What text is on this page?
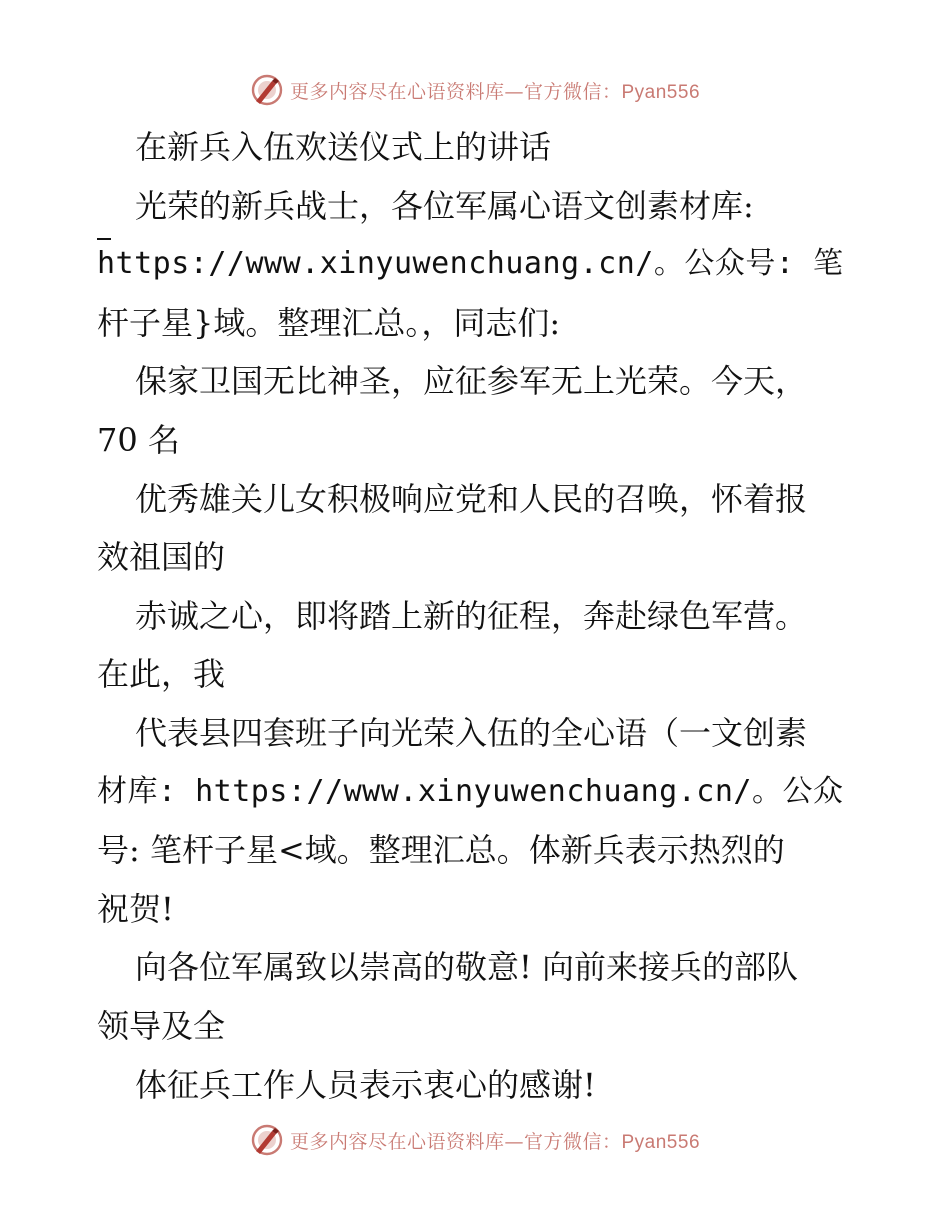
更多内容尽在心语资料库—官方微信：Pyan556
在新兵入伍欢送仪式上的讲话
光荣的新兵战士，各位军属心语文创素材库:
https://www.xinyuwenchuang.cn/。公众号: 笔
杆子星}域。整理汇总。，同志们:
保家卫国无比神圣，应征参军无上光荣。今天，
70 名
优秀雄关儿女积极响应党和人民的召唤，怀着报
效祖国的
赤诚之心，即将踏上新的征程，奔赴绿色军营。
在此，我
代表县四套班子向光荣入伍的全心语（一文创素
材库: https://www.xinyuwenchuang.cn/。公众
号: 笔杆子星<域。整理汇总。体新兵表示热烈的
祝贺!
向各位军属致以崇高的敬意! 向前来接兵的部队
领导及全
体征兵工作人员表示衷心的感谢!
更多内容尽在心语资料库—官方微信：Pyan556
